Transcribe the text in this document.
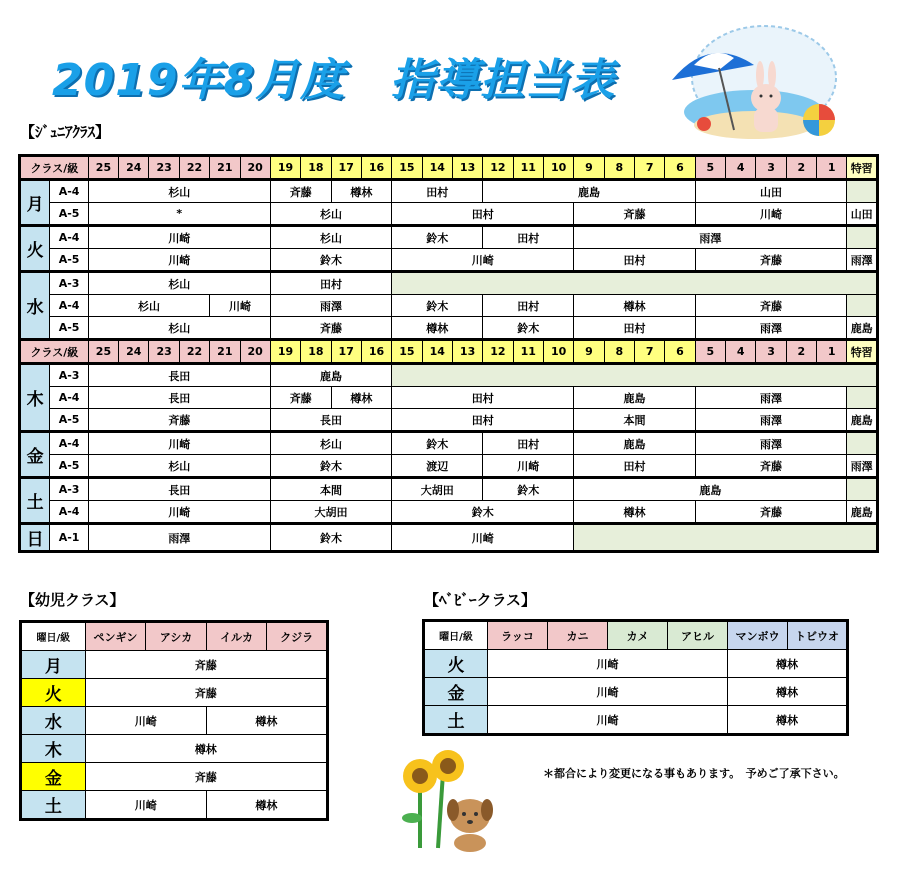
2019年8月度　指導担当表
【ｼﾞｭﾆｱｸﾗｽ】
クラス/級		25	24	23	22	21	20	19	18	17	16	15	14	13	12	11	10	9	8	7	6	5	4	3	2	1	特習
月	A-4	杉山						斉藤		樽林		田村			鹿島							山田					
	A-5	*						杉山				田村						斉藤				川崎					山田
火	A-4	川崎						杉山				鈴木			田村			雨澤									
	A-5	川崎						鈴木				川崎						田村				斉藤					雨澤
水	A-3	杉山						田村																			
	A-4	杉山				川崎		雨澤				鈴木			田村			樽林				斉藤					
	A-5	杉山						斉藤				樽林			鈴木			田村				雨澤					鹿島
クラス/級		25	24	23	22	21	20	19	18	17	16	15	14	13	12	11	10	9	8	7	6	5	4	3	2	1	特習
木	A-3	長田						鹿島																			
	A-4	長田						斉藤		樽林		田村						鹿島				雨澤					
	A-5	斉藤						長田				田村						本間				雨澤					鹿島
金	A-4	川崎						杉山				鈴木			田村			鹿島				雨澤					
	A-5	杉山						鈴木				渡辺			川崎			田村				斉藤					雨澤
土	A-3	長田						本間				大胡田			鈴木			鹿島									
	A-4	川崎						大胡田				鈴木						樽林				斉藤					鹿島
日	A-1	雨澤						鈴木				川崎															
【幼児クラス】
曜日/級	ペンギン	アシカ	イルカ	クジラ
月	斉藤			
火	斉藤			
水	川崎		樽林	
木	樽林			
金	斉藤			
土	川崎		樽林	
【ﾍﾞﾋﾞｰクラス】
曜日/級	ラッコ	カニ	カメ	アヒル	マンボウ	トビウオ
火	川崎				樽林	
金	川崎				樽林	
土	川崎				樽林	
＊都合により変更になる事もあります。　予めご了承下さい。
